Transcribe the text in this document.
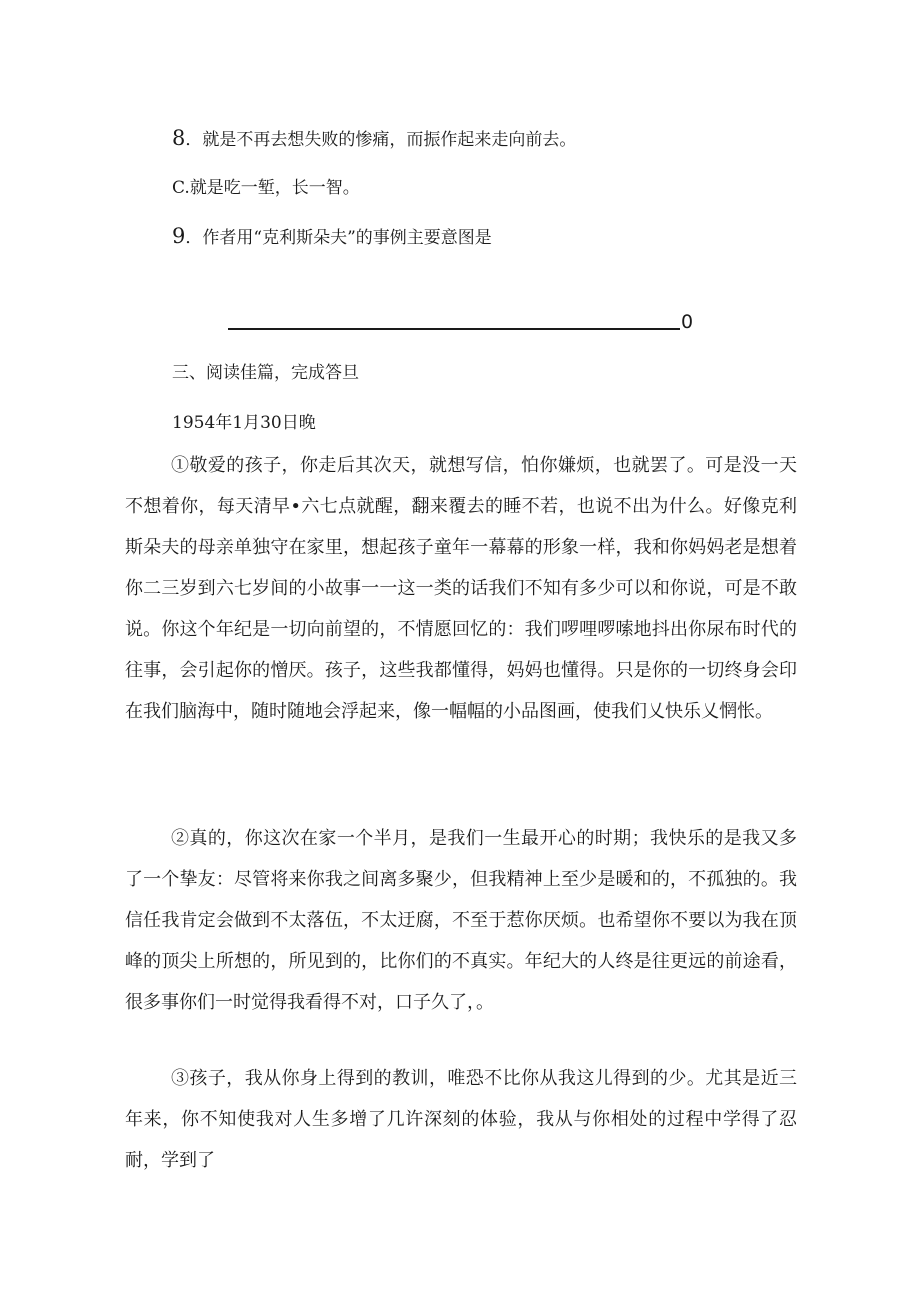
8．就是不再去想失败的惨痛，而振作起来走向前去。
C.就是吃一堑，长一智。
9．作者用“克利斯朵夫”的事例主要意图是
0
三、阅读佳篇，完成答旦
1954年1月30日晚
①敬爱的孩子，你走后其次天，就想写信，怕你嫌烦，也就罢了。可是没一天不想着你，每天清早•六七点就醒，翻来覆去的睡不若，也说不出为什么。好像克利斯朵夫的母亲单独守在家里，想起孩子童年一幕幕的形象一样，我和你妈妈老是想着你二三岁到六七岁间的小故事一一这一类的话我们不知有多少可以和你说，可是不敢说。你这个年纪是一切向前望的，不情愿回忆的：我们啰哩啰嗦地抖出你尿布时代的往事，会引起你的憎厌。孩子，这些我都懂得，妈妈也懂得。只是你的一切终身会印在我们脑海中，随时随地会浮起来，像一幅幅的小品图画，使我们乂快乐乂惘怅。
②真的，你这次在家一个半月，是我们一生最开心的时期；我快乐的是我又多了一个挚友：尽管将来你我之间离多聚少，但我精神上至少是暖和的，不孤独的。我信任我肯定会做到不太落伍，不太迂腐，不至于惹你厌烦。也希望你不要以为我在顶峰的顶尖上所想的，所见到的，比你们的不真实。年纪大的人终是往更远的前途看，很多事你们一时觉得我看得不对，口子久了，。
③孩子，我从你身上得到的教训，唯恐不比你从我这儿得到的少。尤其是近三年来，你不知使我对人生多增了几许深刻的体验，我从与你相处的过程中学得了忍耐，学到了
